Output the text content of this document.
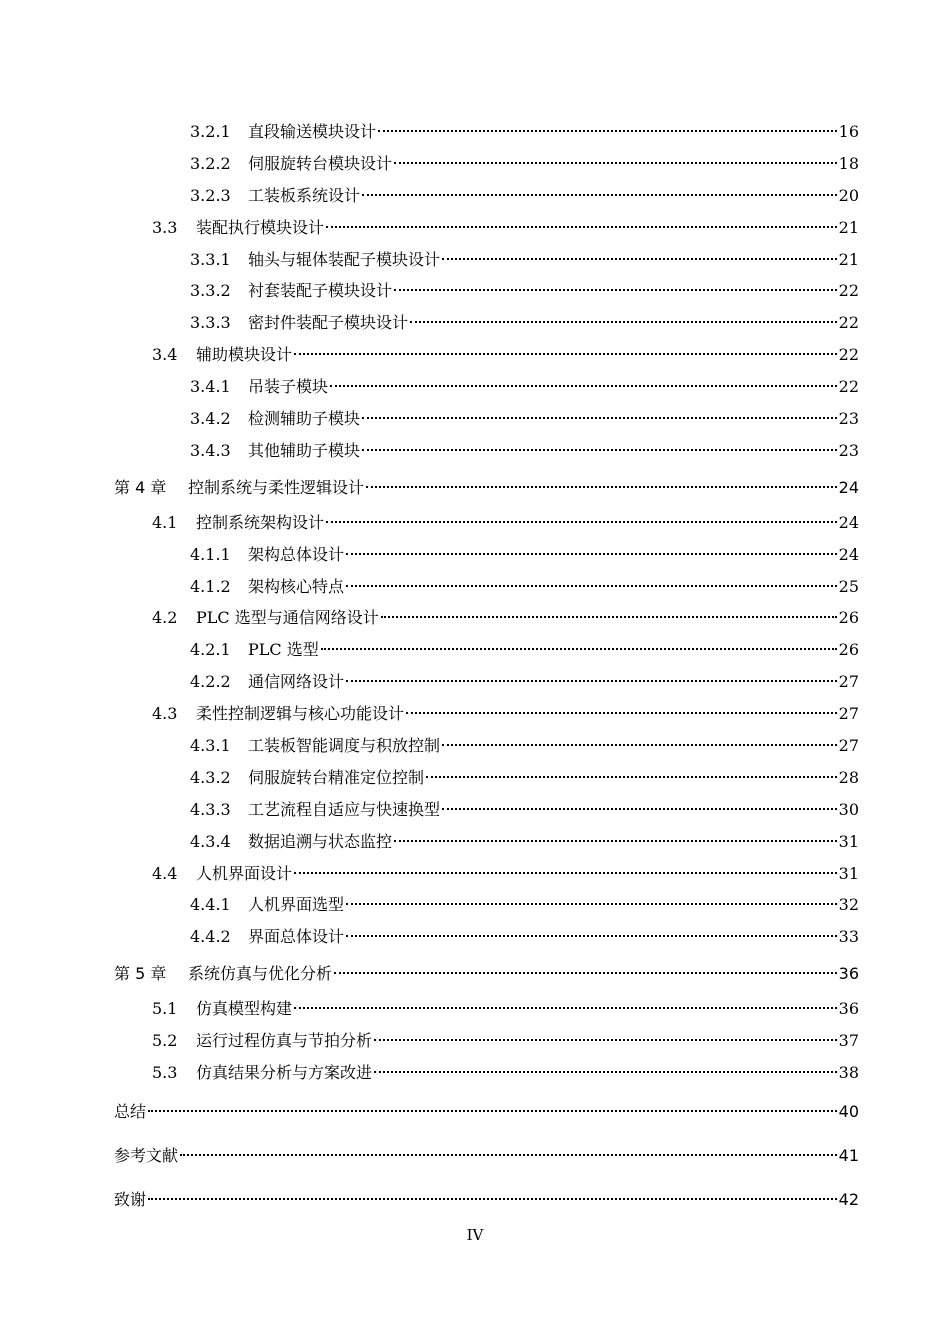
3.2.1	直段输送模块设计	16
3.2.2	伺服旋转台模块设计	18
3.2.3	工装板系统设计	20
3.3	装配执行模块设计	21
3.3.1	轴头与辊体装配子模块设计	21
3.3.2	衬套装配子模块设计	22
3.3.3	密封件装配子模块设计	22
3.4	辅助模块设计	22
3.4.1	吊装子模块	22
3.4.2	检测辅助子模块	23
3.4.3	其他辅助子模块	23
第 4 章	控制系统与柔性逻辑设计	24
4.1	控制系统架构设计	24
4.1.1	架构总体设计	24
4.1.2	架构核心特点	25
4.2	PLC 选型与通信网络设计	26
4.2.1	PLC 选型	26
4.2.2	通信网络设计	27
4.3	柔性控制逻辑与核心功能设计	27
4.3.1	工装板智能调度与积放控制	27
4.3.2	伺服旋转台精准定位控制	28
4.3.3	工艺流程自适应与快速换型	30
4.3.4	数据追溯与状态监控	31
4.4	人机界面设计	31
4.4.1	人机界面选型	32
4.4.2	界面总体设计	33
第 5 章	系统仿真与优化分析	36
5.1	仿真模型构建	36
5.2	运行过程仿真与节拍分析	37
5.3	仿真结果分析与方案改进	38
总结	40
参考文献	41
致谢	42
IV
